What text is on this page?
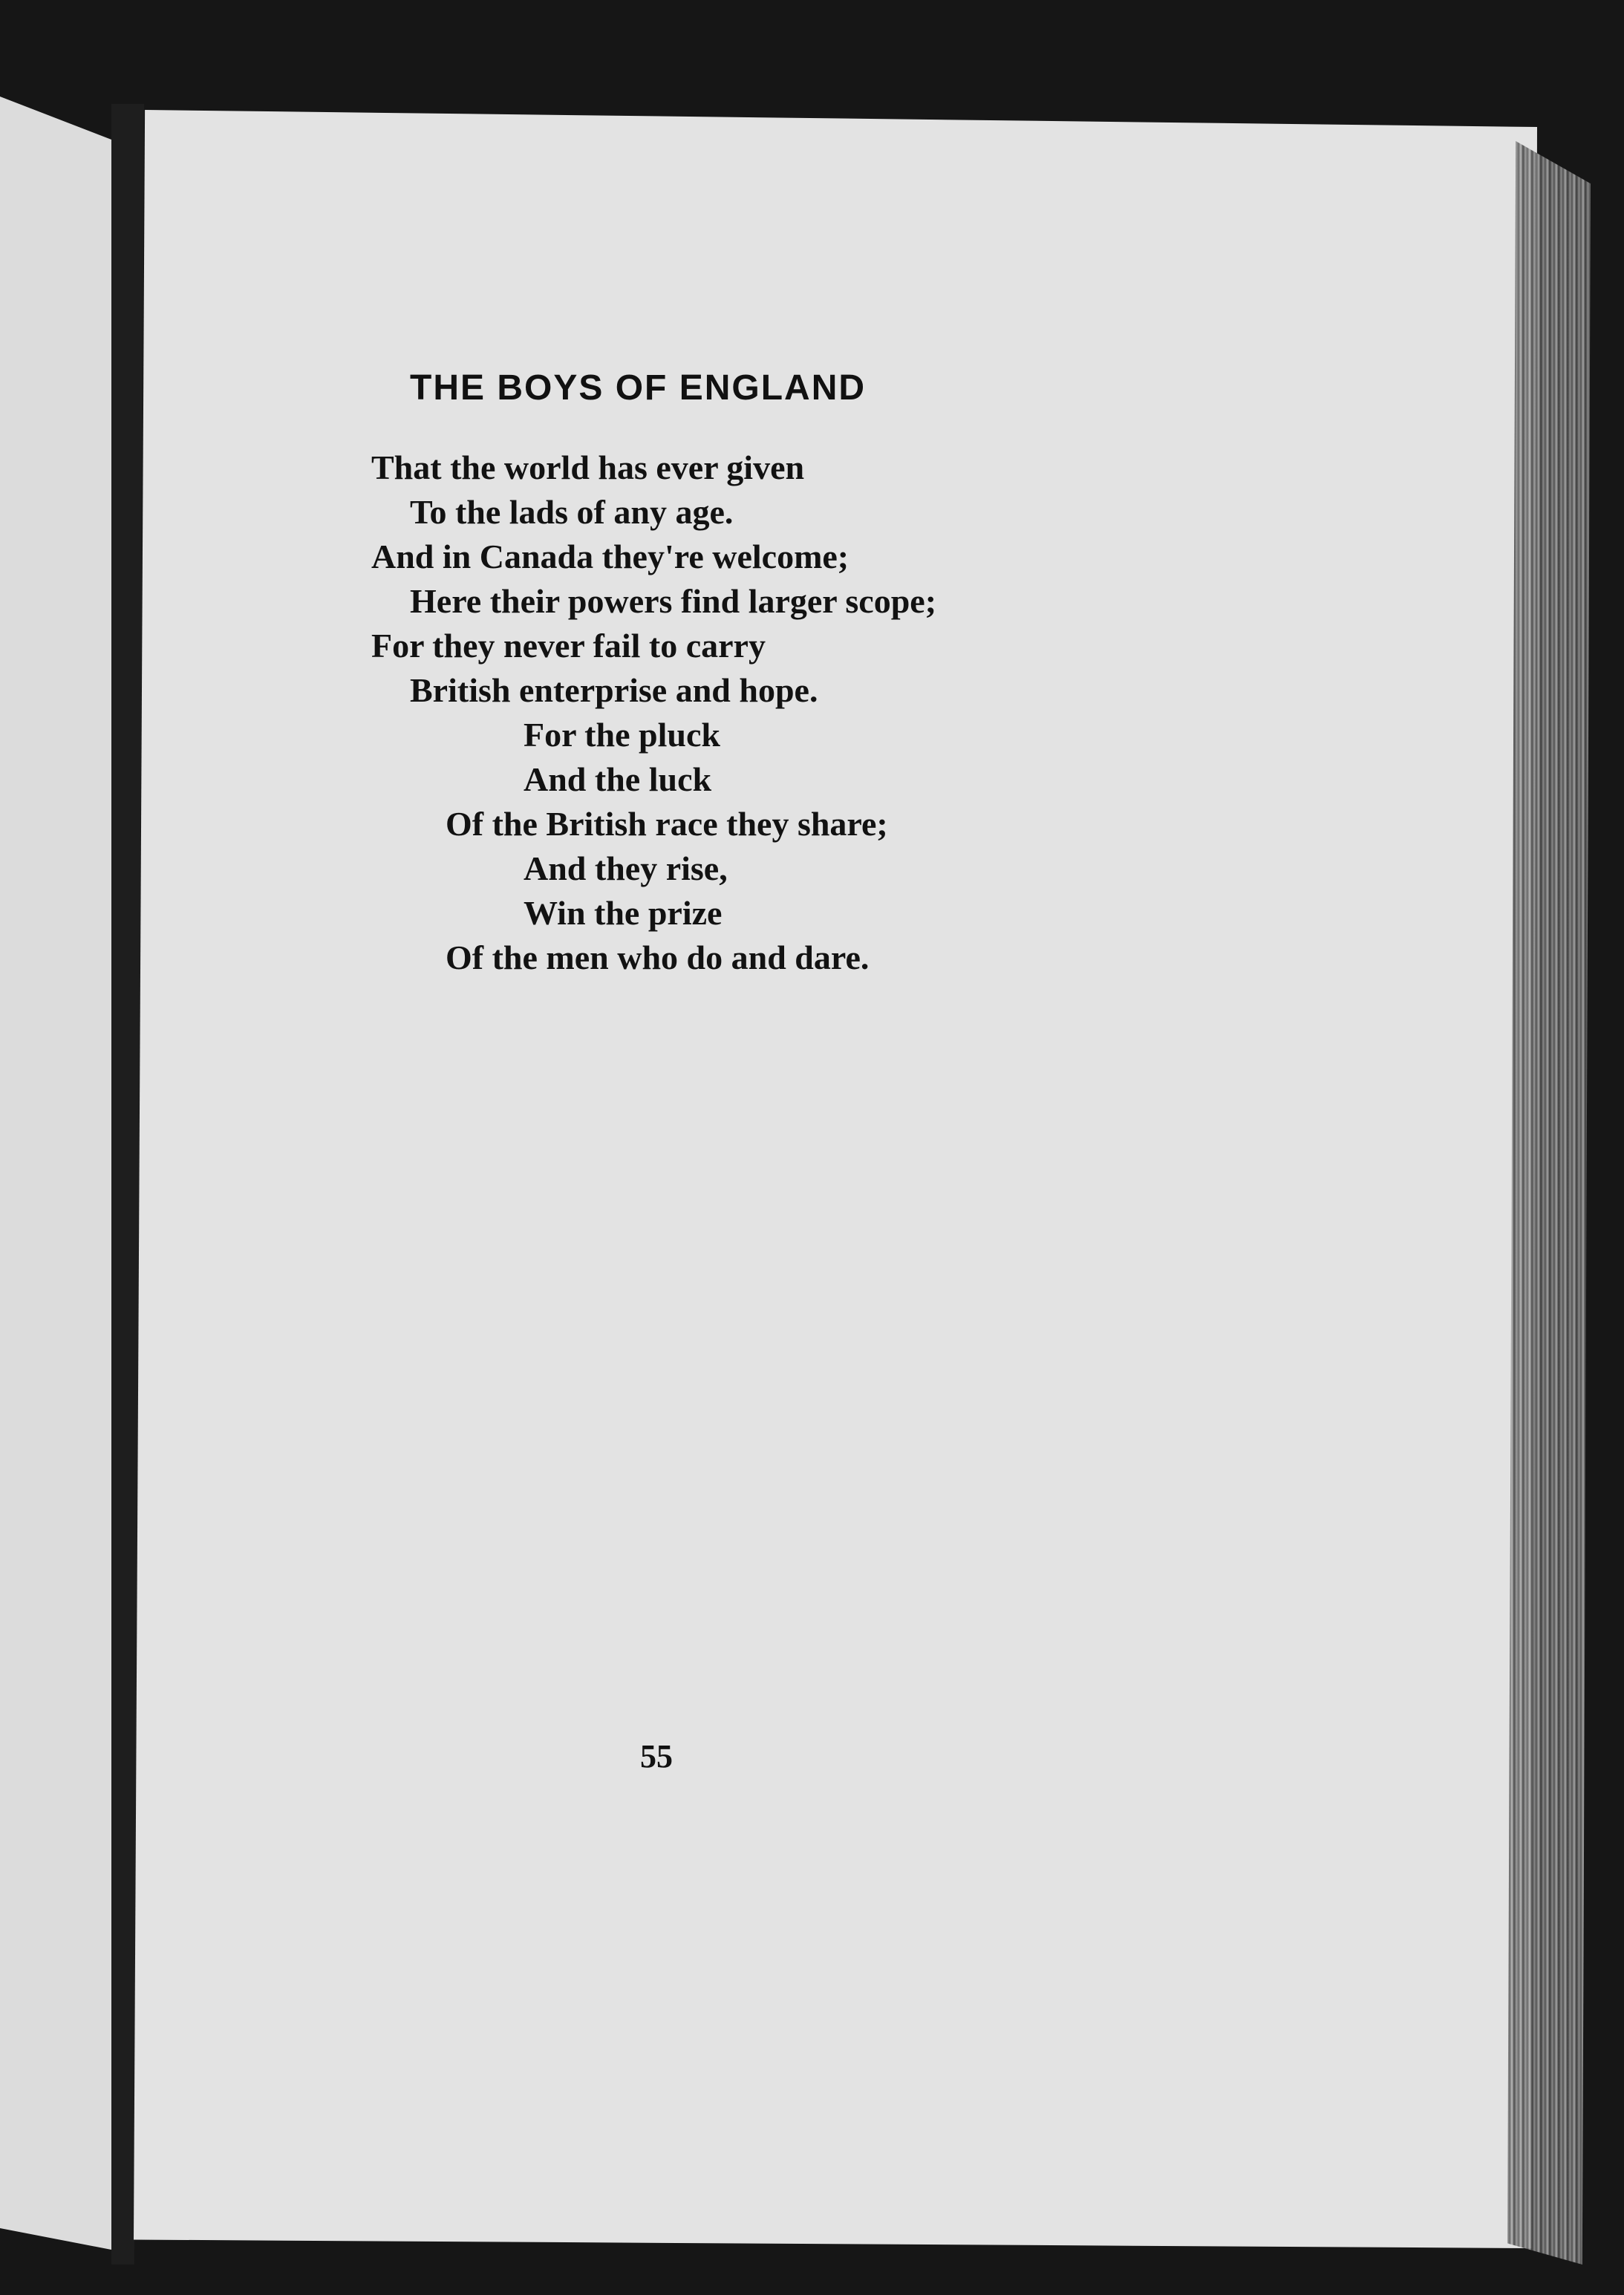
THE BOYS OF ENGLAND
That the world has ever given
To the lads of any age.
And in Canada they're welcome;
Here their powers find larger scope;
For they never fail to carry
British enterprise and hope.
For the pluck
And the luck
Of the British race they share;
And they rise,
Win the prize
Of the men who do and dare.
55
